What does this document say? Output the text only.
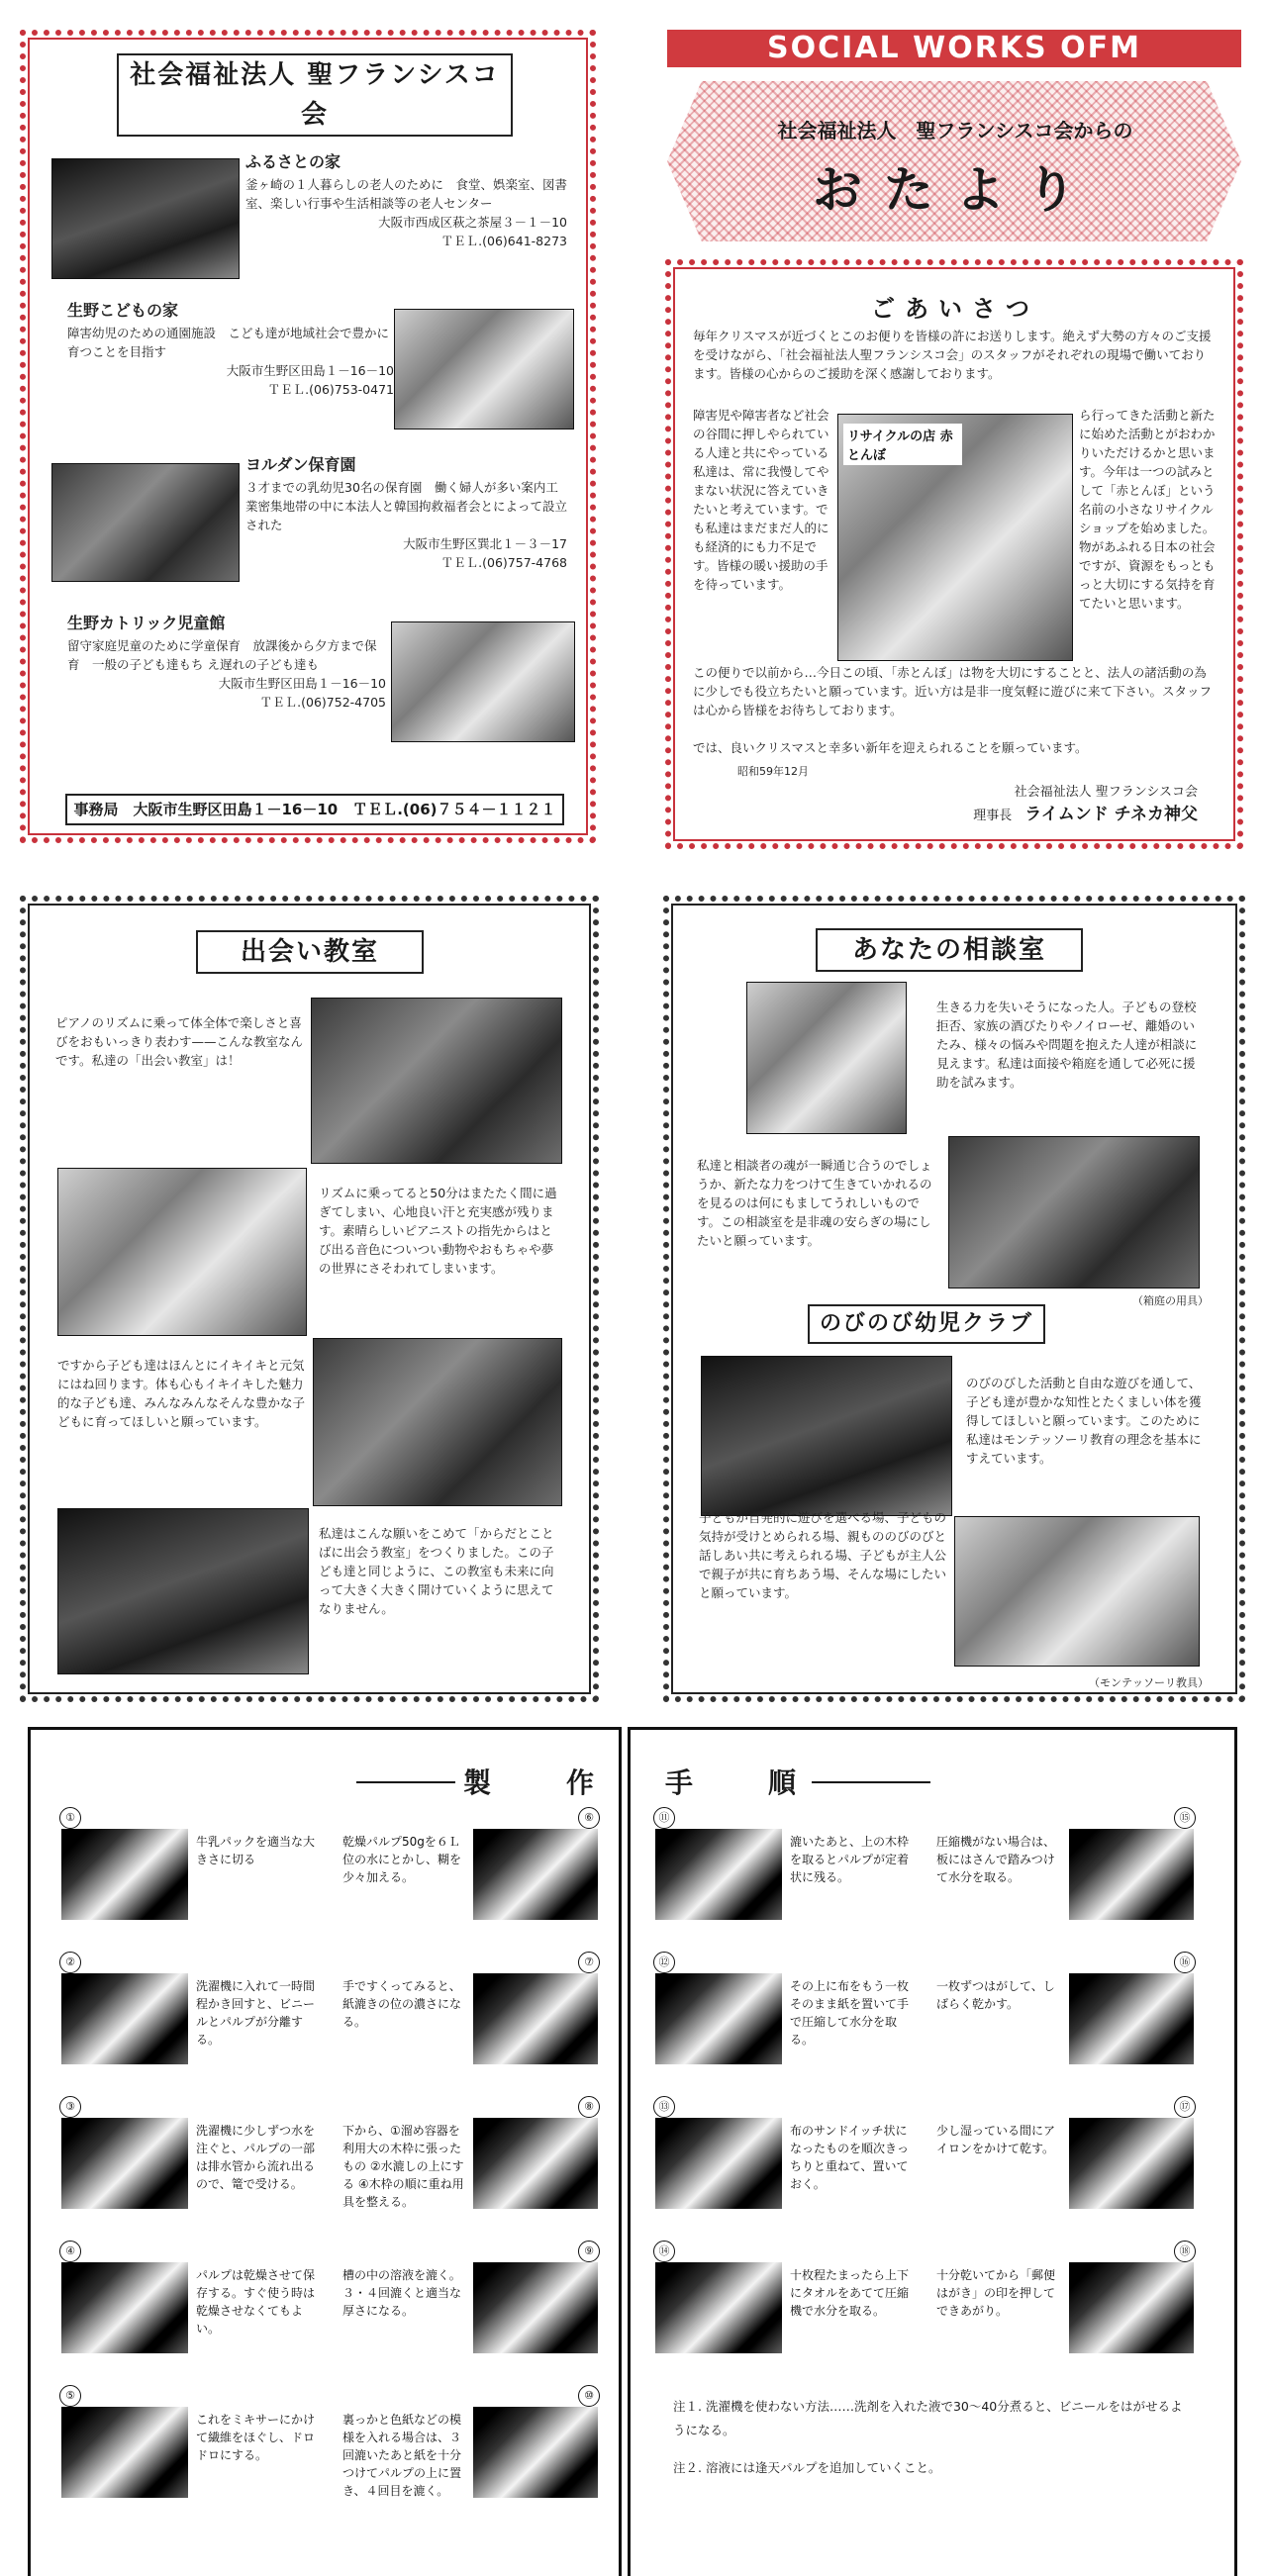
社会福祉法人 聖フランシスコ会
ふるさとの家
釜ヶ崎の１人暮らしの老人のために　食堂、娯楽室、図書室、楽しい行事や生活相談等の老人センター
大阪市西成区萩之茶屋３－１－10
ＴＥＬ.(06)641-8273
生野こどもの家
障害幼児のための通園施設　こども達が地域社会で豊かに育つことを目指す
大阪市生野区田島１－16－10
ＴＥＬ.(06)753-0471
ヨルダン保育園
３才までの乳幼児30名の保育園　働く婦人が多い案内工業密集地帯の中に本法人と韓国拘救福者会とによって設立された
大阪市生野区巽北１－３－17
ＴＥＬ.(06)757-4768
生野カトリック児童館
留守家庭児童のために学童保育　放課後から夕方まで保育　一般の子ども達もち え遅れの子ども達も
大阪市生野区田島１－16－10
ＴＥＬ.(06)752-4705
事務局　大阪市生野区田島１－16－10　ＴＥＬ.(06)７５４－１１２１
SOCIAL WORKS OFM
社会福祉法人　聖フランシスコ会からの
おたより
ごあいさつ
毎年クリスマスが近づくとこのお便りを皆様の許にお送りします。絶えず大勢の方々のご支援を受けながら、「社会福祉法人聖フランシスコ会」のスタッフがそれぞれの現場で働いております。皆様の心からのご援助を深く感謝しております。
障害児や障害者など社会の谷間に押しやられている人達と共にやっている私達は、常に我慢してやまない状況に答えていきたいと考えています。でも私達はまだまだ人的にも経済的にも力不足です。皆様の暖い援助の手を待っています。
リサイクルの店 赤とんぼ
ら行ってきた活動と新たに始めた活動とがおわかりいただけるかと思います。今年は一つの試みとして「赤とんぼ」という名前の小さなリサイクルショップを始めました。物があふれる日本の社会ですが、資源をもっともっと大切にする気持を育てたいと思います。
この便りで以前から…今日この頃、「赤とんぼ」は物を大切にすることと、法人の諸活動の為に少しでも役立ちたいと願っています。近い方は是非一度気軽に遊びに来て下さい。スタッフは心から皆様をお待ちしております。
では、良いクリスマスと幸多い新年を迎えられることを願っています。
昭和59年12月
社会福祉法人 聖フランシスコ会
理事長　 ライムンド チネカ神父
出会い教室
ピアノのリズムに乗って体全体で楽しさと喜びをおもいっきり表わす——こんな教室なんです。私達の「出会い教室」は！
リズムに乗ってると50分はまたたく間に過ぎてしまい、心地良い汗と充実感が残ります。素晴らしいピアニストの指先からはとび出る音色についつい動物やおもちゃや夢の世界にさそわれてしまいます。
ですから子ども達はほんとにイキイキと元気にはね回ります。体も心もイキイキした魅力的な子ども達、みんなみんなそんな豊かな子どもに育ってほしいと願っています。
私達はこんな願いをこめて「からだとことばに出会う教室」をつくりました。この子ども達と同じように、この教室も未来に向って大きく大きく開けていくように思えてなりません。
あなたの相談室
生きる力を失いそうになった人。子どもの登校拒否、家族の酒びたりやノイローゼ、離婚のいたみ、様々の悩みや問題を抱えた人達が相談に見えます。私達は面接や箱庭を通して必死に援助を試みます。
私達と相談者の魂が一瞬通じ合うのでしょうか、新たな力をつけて生きていかれるのを見るのは何にもましてうれしいものです。この相談室を是非魂の安らぎの場にしたいと願っています。
（箱庭の用具）
のびのび幼児クラブ
のびのびした活動と自由な遊びを通して、子ども達が豊かな知性とたくましい体を獲得してほしいと願っています。このために私達はモンテッソーリ教育の理念を基本にすえています。
子どもが自発的に遊びを選べる場、子どもの気持が受けとめられる場、親もののびのびと話しあい共に考えられる場、子どもが主人公で親子が共に育ちあう場、そんな場にしたいと願っています。
（モンテッソーリ教具）
製	作	手	順
①
牛乳パックを適当な大きさに切る
②
洗濯機に入れて一時間程かき回すと、ビニールとパルプが分離する。
③
洗濯機に少しずつ水を注ぐと、パルプの一部は排水管から流れ出るので、篭で受ける。
④
パルプは乾燥させて保存する。すぐ使う時は乾燥させなくてもよい。
⑤
これをミキサーにかけて繊維をほぐし、ドロドロにする。
乾燥パルプ50gを６Ｌ位の水にとかし、糊を少々加える。
⑥
手ですくってみると、紙漉きの位の濃さになる。
⑦
下から、①溜め容器を利用大の木枠に張ったもの ②水漉しの上にする ④木枠の順に重ね用具を整える。
⑧
槽の中の溶液を漉く。３・４回漉くと適当な厚さになる。
⑨
裏っかと色紙などの模様を入れる場合は、３回漉いたあと紙を十分つけてパルプの上に置き、４回目を漉く。
⑩
⑪
漉いたあと、上の木枠を取るとパルプが定着状に残る。
⑫
その上に布をもう一枚そのまま紙を置いて手で圧縮して水分を取る。
⑬
布のサンドイッチ状になったものを順次きっちりと重ねて、置いておく。
⑭
十枚程たまったら上下にタオルをあてて圧縮機で水分を取る。
圧縮機がない場合は、板にはさんで踏みつけて水分を取る。
⑮
一枚ずつはがして、しばらく乾かす。
⑯
少し湿っている間にアイロンをかけて乾す。
⑰
十分乾いてから「郵便はがき」の印を押してできあがり。
⑱
注１. 洗濯機を使わない方法……洗剤を入れた液で30～40分煮ると、ビニールをはがせるようになる。
注２. 溶液には逢天パルプを追加していくこと。
